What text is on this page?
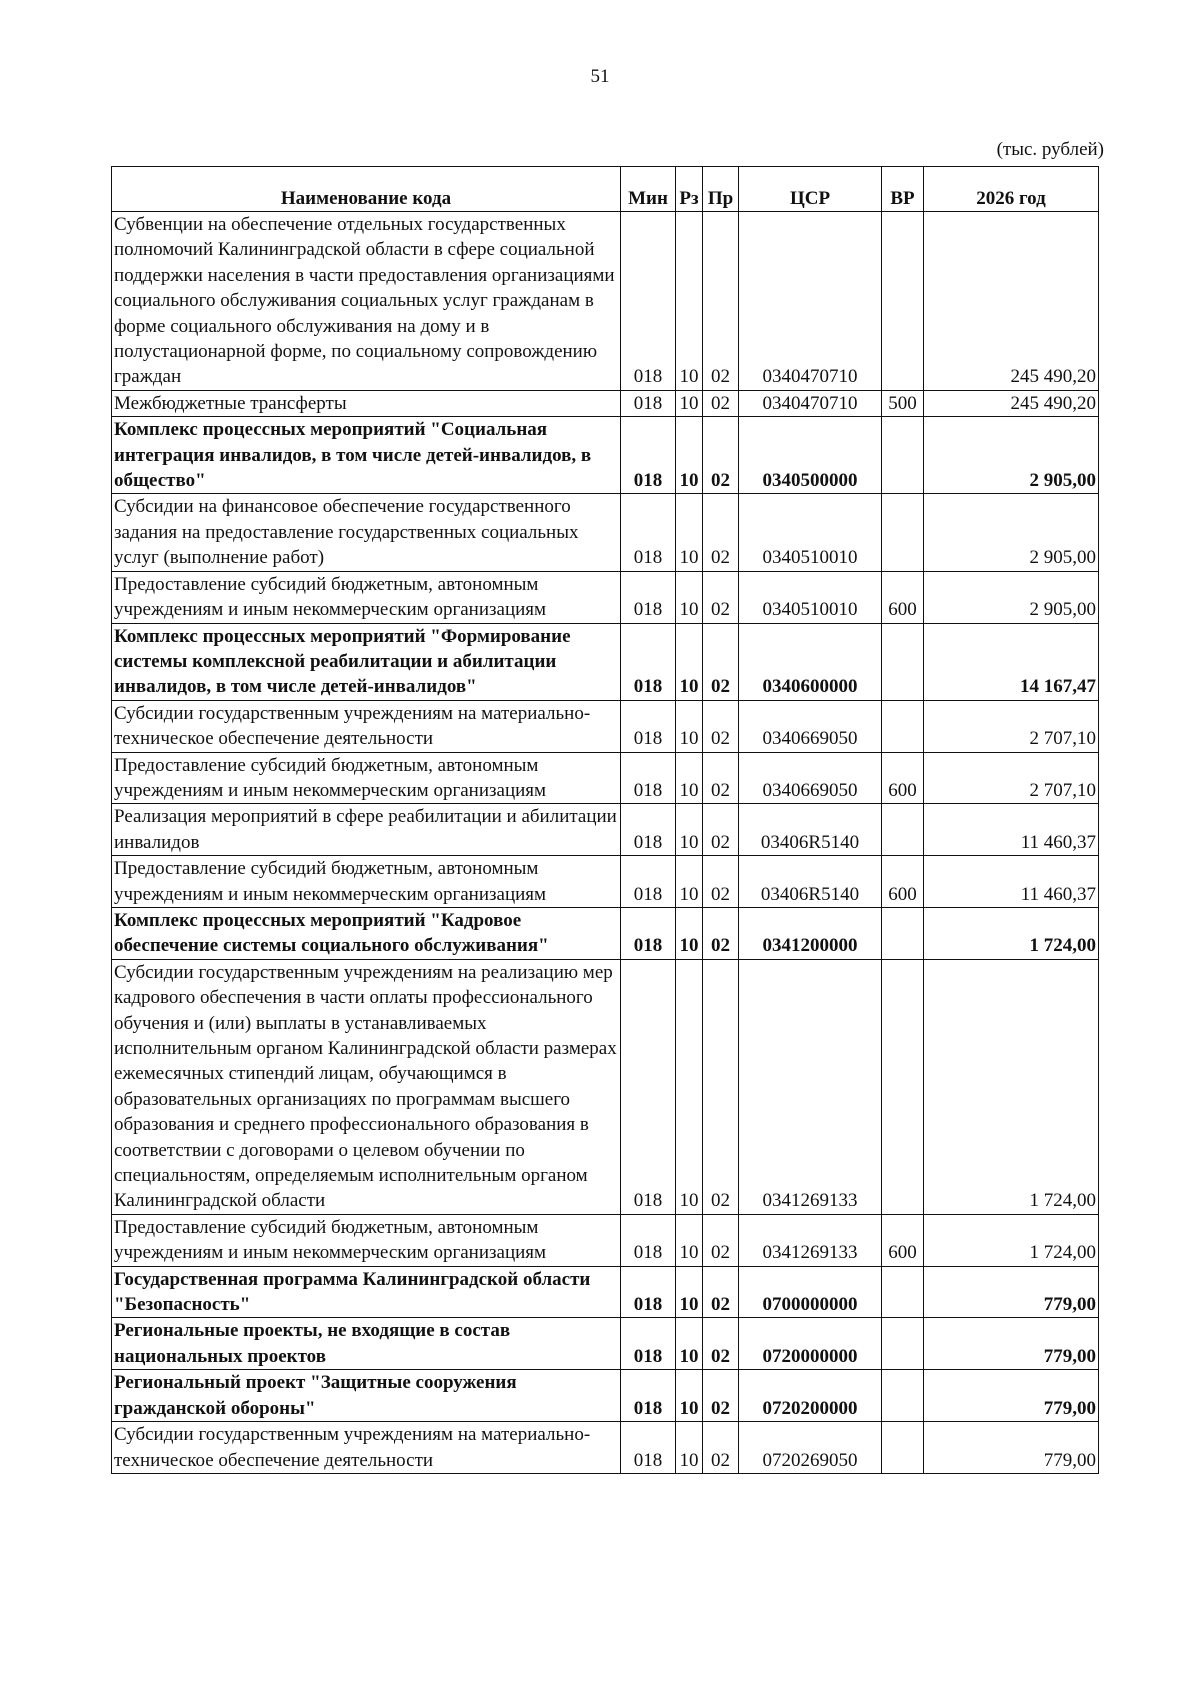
51
(тыс. рублей)
Наименование кода	Мин	Рз	Пр	ЦСР	ВР	2026 год
Субвенции на обеспечение отдельных государственных полномочий Калининградской области в сфере социальной поддержки населения в части предоставления организациями социального обслуживания социальных услуг гражданам в форме социального обслуживания на дому и в полустационарной форме, по социальному сопровождению граждан	018	10	02	0340470710		245 490,20
Межбюджетные трансферты	018	10	02	0340470710	500	245 490,20
Комплекс процессных мероприятий "Социальная интеграция инвалидов, в том числе детей-инвалидов, в общество"	018	10	02	0340500000		2 905,00
Субсидии на финансовое обеспечение государственного задания на предоставление государственных социальных услуг (выполнение работ)	018	10	02	0340510010		2 905,00
Предоставление субсидий бюджетным, автономным учреждениям и иным некоммерческим организациям	018	10	02	0340510010	600	2 905,00
Комплекс процессных мероприятий "Формирование системы комплексной реабилитации и абилитации инвалидов, в том числе детей-инвалидов"	018	10	02	0340600000		14 167,47
Субсидии государственным учреждениям на материально-техническое обеспечение деятельности	018	10	02	0340669050		2 707,10
Предоставление субсидий бюджетным, автономным учреждениям и иным некоммерческим организациям	018	10	02	0340669050	600	2 707,10
Реализация мероприятий в сфере реабилитации и абилитации инвалидов	018	10	02	03406R5140		11 460,37
Предоставление субсидий бюджетным, автономным учреждениям и иным некоммерческим организациям	018	10	02	03406R5140	600	11 460,37
Комплекс процессных мероприятий "Кадровое обеспечение системы социального обслуживания"	018	10	02	0341200000		1 724,00
Субсидии государственным учреждениям на реализацию мер кадрового обеспечения в части оплаты профессионального обучения и (или) выплаты в устанавливаемых исполнительным органом Калининградской области размерах ежемесячных стипендий лицам, обучающимся в образовательных организациях по программам высшего образования и среднего профессионального образования в соответствии с договорами о целевом обучении по специальностям, определяемым исполнительным органом Калининградской области	018	10	02	0341269133		1 724,00
Предоставление субсидий бюджетным, автономным учреждениям и иным некоммерческим организациям	018	10	02	0341269133	600	1 724,00
Государственная программа Калининградской области "Безопасность"	018	10	02	0700000000		779,00
Региональные проекты, не входящие в состав национальных проектов	018	10	02	0720000000		779,00
Региональный проект "Защитные сооружения гражданской обороны"	018	10	02	0720200000		779,00
Субсидии государственным учреждениям на материально-техническое обеспечение деятельности	018	10	02	0720269050		779,00
